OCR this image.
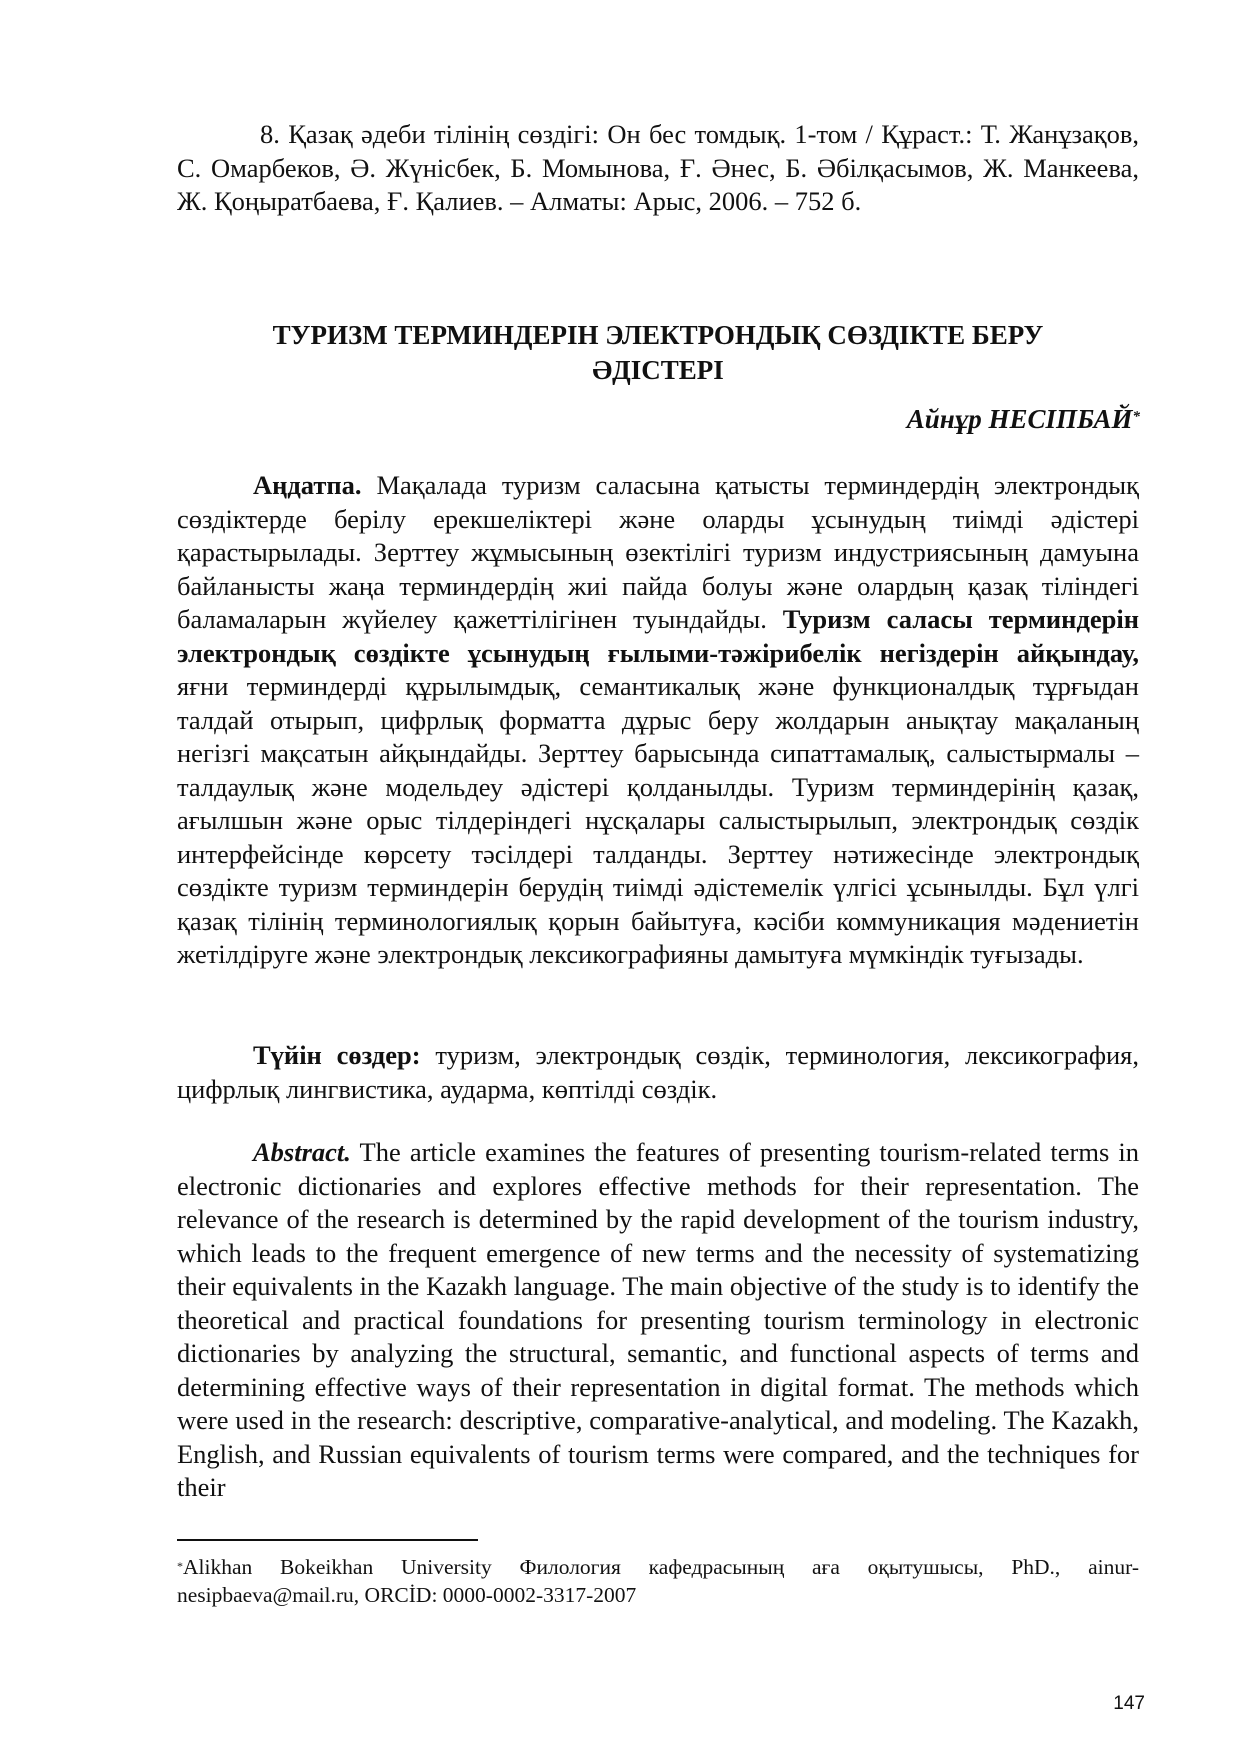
8. Қазақ әдеби тілінің сөздігі: Он бес томдық. 1-том / Құраст.: Т. Жанұзақов, С. Омарбеков, Ә. Жүнісбек, Б. Момынова, Ғ. Әнес, Б. Әбілқасымов, Ж. Манкеева, Ж. Қоңыратбаева, Ғ. Қалиев. – Алматы: Арыс, 2006. – 752 б.
ТУРИЗМ ТЕРМИНДЕРІН ЭЛЕКТРОНДЫҚ СӨЗДІКТЕ БЕРУ
ӘДІСТЕРІ
Айнұр НЕСІПБАЙ*
Аңдатпа. Мақалада туризм саласына қатысты терминдердің электрондық сөздіктерде берілу ерекшеліктері және оларды ұсынудың тиімді әдістері қарастырылады. Зерттеу жұмысының өзектілігі туризм индустриясының дамуына байланысты жаңа терминдердің жиі пайда болуы және олардың қазақ тіліндегі баламаларын жүйелеу қажеттілігінен туындайды. Туризм саласы терминдерін электрондық сөздікте ұсынудың ғылыми-тәжірибелік негіздерін айқындау, яғни терминдерді құрылымдық, семантикалық және функционалдық тұрғыдан талдай отырып, цифрлық форматта дұрыс беру жолдарын анықтау мақаланың негізгі мақсатын айқындайды. Зерттеу барысында сипаттамалық, салыстырмалы – талдаулық және модельдеу әдістері қолданылды. Туризм терминдерінің қазақ, ағылшын және орыс тілдеріндегі нұсқалары салыстырылып, электрондық сөздік интерфейсінде көрсету тәсілдері талданды. Зерттеу нәтижесінде электрондық сөздікте туризм терминдерін берудің тиімді әдістемелік үлгісі ұсынылды. Бұл үлгі қазақ тілінің терминологиялық қорын байытуға, кәсіби коммуникация мәдениетін жетілдіруге және электрондық лексикографияны дамытуға мүмкіндік туғызады.
Түйін сөздер: туризм, электрондық сөздік, терминология, лексикография, цифрлық лингвистика, аударма, көптілді сөздік.
Abstract. The article examines the features of presenting tourism-related terms in electronic dictionaries and explores effective methods for their representation. The relevance of the research is determined by the rapid development of the tourism industry, which leads to the frequent emergence of new terms and the necessity of systematizing their equivalents in the Kazakh language. The main objective of the study is to identify the theoretical and practical foundations for presenting tourism terminology in electronic dictionaries by analyzing the structural, semantic, and functional aspects of terms and determining effective ways of their representation in digital format. The methods which were used in the research: descriptive, comparative-analytical, and modeling. The Kazakh, English, and Russian equivalents of tourism terms were compared, and the techniques for their
*Alikhan Bokeikhan University Филология кафедрасының аға оқытушысы, PhD., ainur-nesipbaeva@mail.ru, ORCİD: 0000-0002-3317-2007
147
